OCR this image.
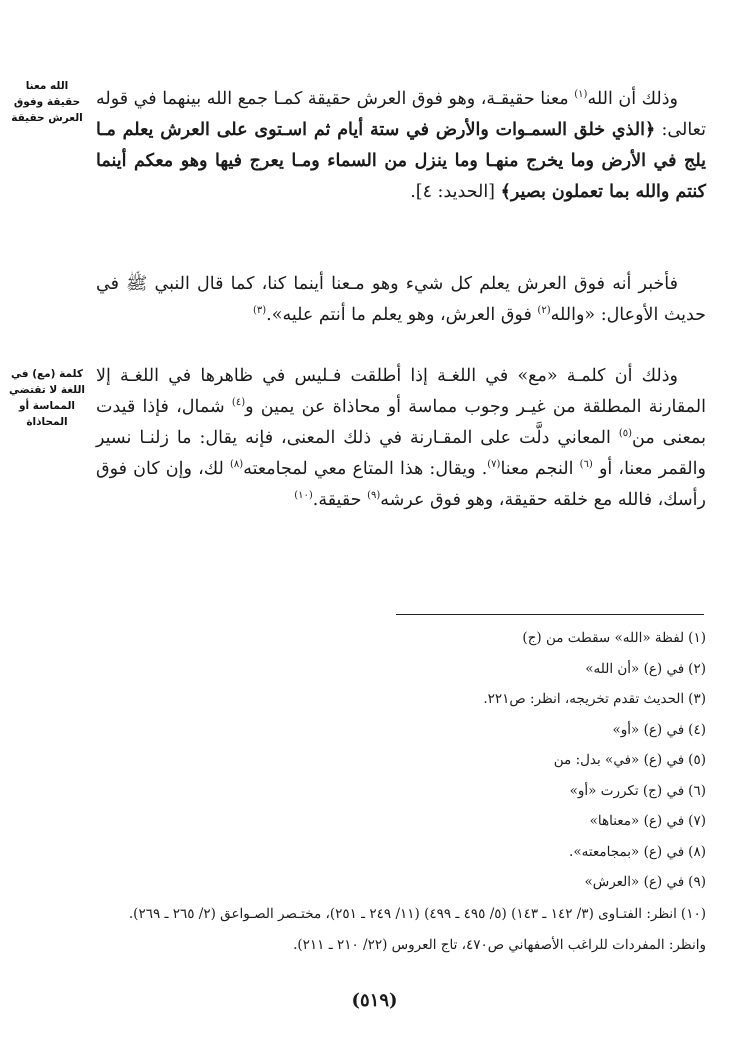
الله معنا حقيقة وفوق العرش حقيقة
كلمة (مع) في اللغة لا تقتضي المماسة أو المحاذاة
وذلك أن الله$^{(١)}$ معنا حقيقـة، وهو فوق العرش حقيقة كمـا جمع الله بينهما في قوله تعالى: ﴿الذي خلق السمـوات والأرض في ستة أيام ثم اسـتوى على العرش يعلم مـا يلج في الأرض وما يخرج منهـا وما ينزل من السماء ومـا يعرج فيها وهو معكم أينما كنتم والله بما تعملون بصير﴾ [الحديد: ٤].
فأخبر أنه فوق العرش يعلم كل شيء وهو مـعنا أينما كنا، كما قال النبي ﷺ في حديث الأوعال: «والله$^{(٢)}$ فوق العرش، وهو يعلم ما أنتم عليه».$^{(٣)}$
وذلك أن كلمـة «مع» في اللغـة إذا أطلقت فـليس في ظاهرها في اللغـة إلا المقارنة المطلقة من غيـر وجوب مماسة أو محاذاة عن يمين و$^{(٤)}$ شمال، فإذا قيدت بمعنى من$^{(٥)}$ المعاني دلَّت على المقـارنة في ذلك المعنى، فإنه يقال: ما زلنـا نسير والقمر معنا، أو $^{(٦)}$ النجم معنا$^{(٧)}$. ويقال: هذا المتاع معي لمجامعته$^{(٨)}$ لك، وإن كان فوق رأسك، فالله مع خلقه حقيقة، وهو فوق عرشه$^{(٩)}$ حقيقة.$^{(١٠)}$
(١)
لفظة «الله» سقطت من (ج)
(٢)
في (ع) «أن الله»
(٣)
الحديث تقدم تخريجه، انظر: ص٢٢١.
(٤)
في (ع) «أو»
(٥)
في (ع) «في» بدل: من
(٦)
في (ج) تكررت «أو»
(٧)
في (ع) «معناها»
(٨)
في (ع) «بمجامعته».
(٩)
في (ع) «العرش»
(١٠)
انظر: الفتـاوى (٣/ ١٤٢ ـ ١٤٣) (٥/ ٤٩٥ ـ ٤٩٩) (١١/ ٢٤٩ ـ ٢٥١)، مختـصر الصـواعق (٢/ ٢٦٥ ـ ٢٦٩).
وانظر: المفردات للراغب الأصفهاني ص٤٧٠، تاج العروس (٢٢/ ٢١٠ ـ ٢١١).
(٥١٩)
